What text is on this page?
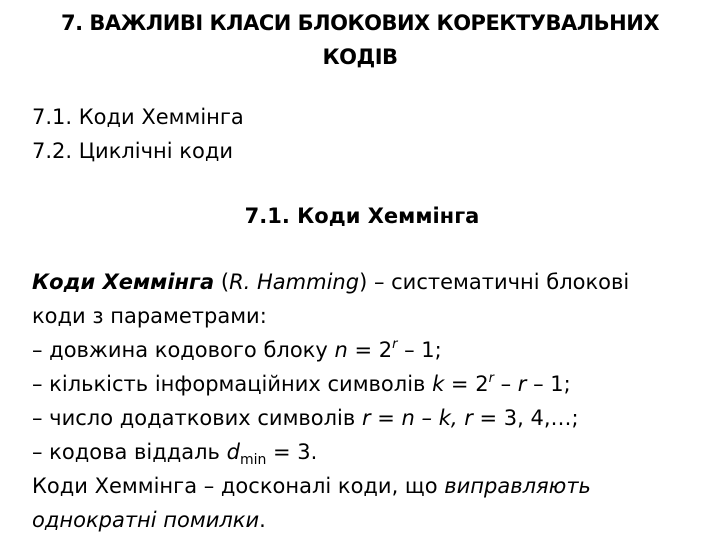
7. ВАЖЛИВІ КЛАСИ БЛОКОВИХ КОРЕКТУВАЛЬНИХ КОДІВ
7.1. Коди Хеммінга
7.2. Циклічні коди
7.1. Коди Хеммінга
Коди Хеммінга (R. Hamming) – систематичні блокові
коди з параметрами:
– довжина кодового блоку $n = 2^r - 1$;
– кількість інформаційних символів $k = 2^r - r - 1$;
– число додаткових символів r = n – k, r = 3, 4,…;
– кодова віддаль $d_{min} = 3$.
Коди Хеммінга – досконалі коди, що виправляють
однократні помилки.
